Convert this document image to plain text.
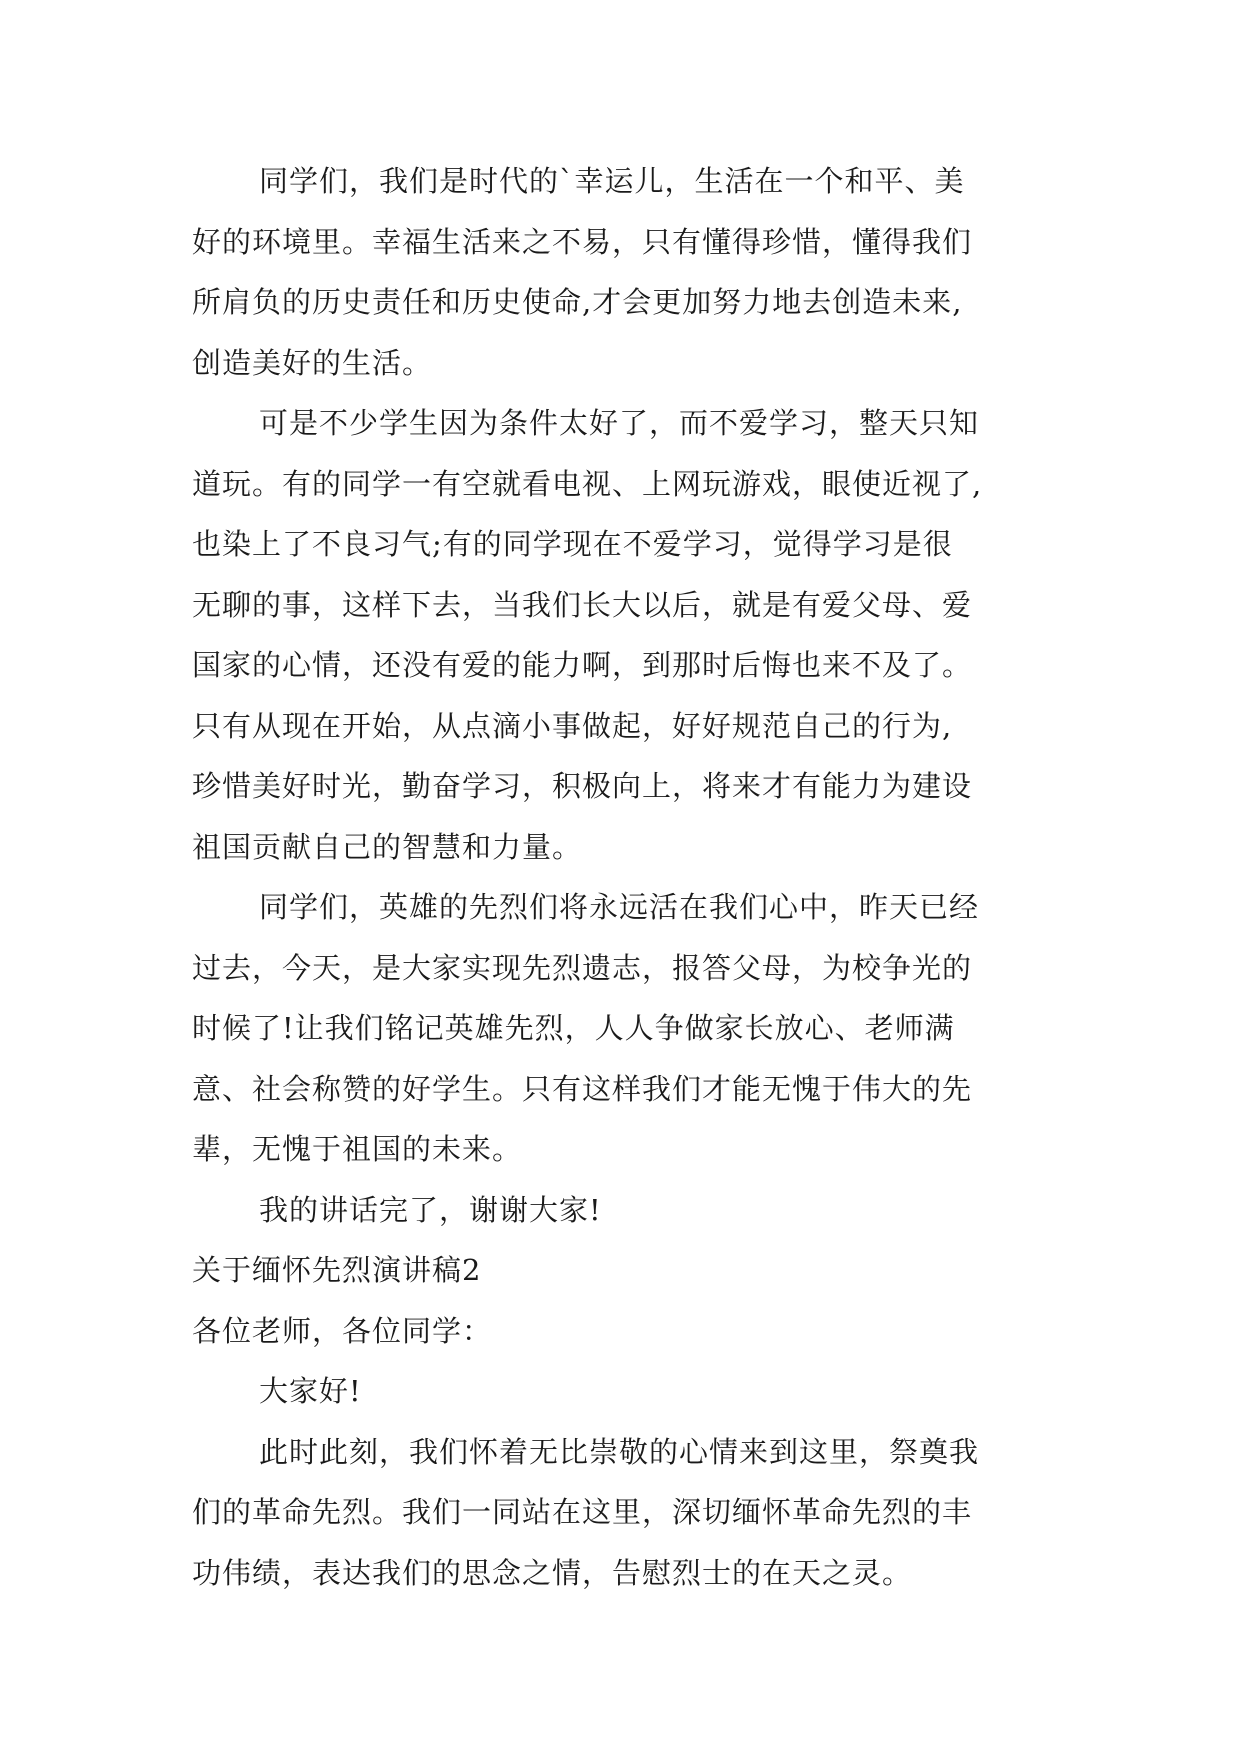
同学们，我们是时代的`幸运儿，生活在一个和平、美
好的环境里。幸福生活来之不易，只有懂得珍惜，懂得我们
所肩负的历史责任和历史使命,才会更加努力地去创造未来,
创造美好的生活。
可是不少学生因为条件太好了，而不爱学习，整天只知
道玩。有的同学一有空就看电视、上网玩游戏，眼使近视了,
也染上了不良习气;有的同学现在不爱学习，觉得学习是很
无聊的事，这样下去，当我们长大以后，就是有爱父母、爱
国家的心情，还没有爱的能力啊，到那时后悔也来不及了。
只有从现在开始，从点滴小事做起，好好规范自己的行为,
珍惜美好时光，勤奋学习，积极向上，将来才有能力为建设
祖国贡献自己的智慧和力量。
同学们，英雄的先烈们将永远活在我们心中，昨天已经
过去，今天，是大家实现先烈遗志，报答父母，为校争光的
时候了!让我们铭记英雄先烈，人人争做家长放心、老师满
意、社会称赞的好学生。只有这样我们才能无愧于伟大的先
辈，无愧于祖国的未来。
我的讲话完了，谢谢大家!
关于缅怀先烈演讲稿2
各位老师，各位同学：
大家好!
此时此刻，我们怀着无比崇敬的心情来到这里，祭奠我
们的革命先烈。我们一同站在这里，深切缅怀革命先烈的丰
功伟绩，表达我们的思念之情，告慰烈士的在天之灵。
